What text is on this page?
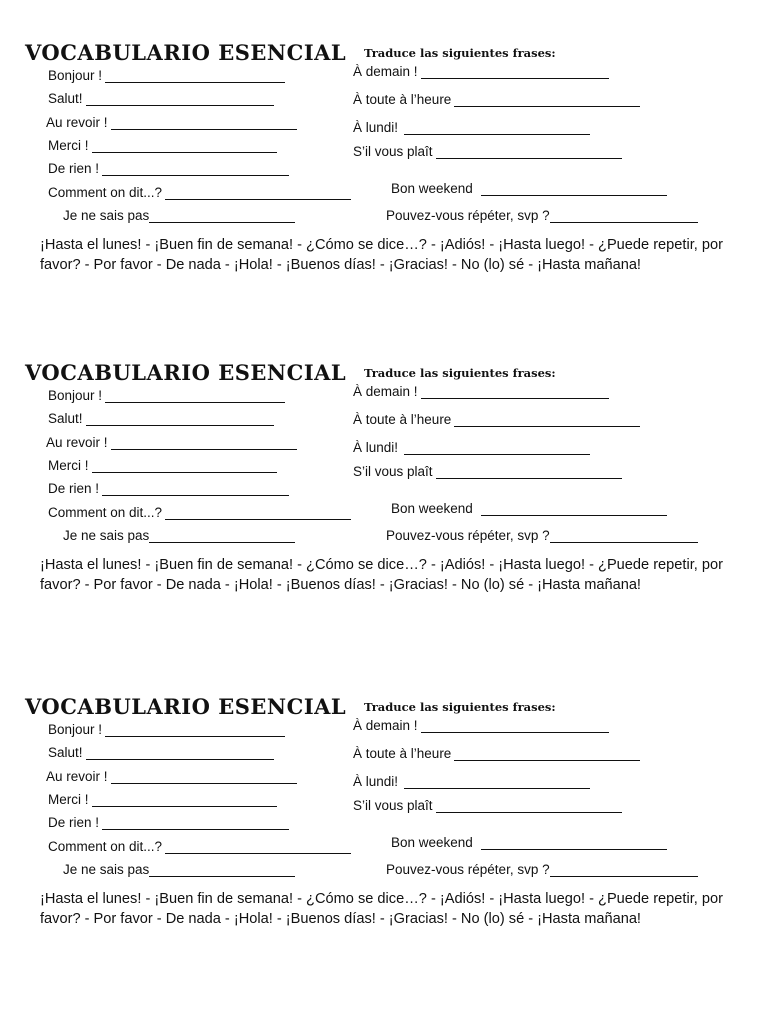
VOCABULARIO ESENCIAL Traduce las siguientes frases:
Bonjour !
Salut!
Au revoir !
Merci !
De rien !
Comment on dit...?
Je ne sais pas
À demain !
À toute à l’heure
À lundi!
S’il vous plaît
Bon weekend
Pouvez-vous répéter, svp ?
¡Hasta el lunes! - ¡Buen fin de semana! - ¿Cómo se dice…? - ¡Adiós! - ¡Hasta luego! - ¿Puede repetir, por favor? - Por favor - De nada - ¡Hola! - ¡Buenos días! - ¡Gracias! - No (lo) sé - ¡Hasta mañana!
VOCABULARIO ESENCIAL Traduce las siguientes frases:
Bonjour !
Salut!
Au revoir !
Merci !
De rien !
Comment on dit...?
Je ne sais pas
À demain !
À toute à l’heure
À lundi!
S’il vous plaît
Bon weekend
Pouvez-vous répéter, svp ?
¡Hasta el lunes! - ¡Buen fin de semana! - ¿Cómo se dice…? - ¡Adiós! - ¡Hasta luego! - ¿Puede repetir, por favor? - Por favor - De nada - ¡Hola! - ¡Buenos días! - ¡Gracias! - No (lo) sé - ¡Hasta mañana!
VOCABULARIO ESENCIAL Traduce las siguientes frases:
Bonjour !
Salut!
Au revoir !
Merci !
De rien !
Comment on dit...?
Je ne sais pas
À demain !
À toute à l’heure
À lundi!
S’il vous plaît
Bon weekend
Pouvez-vous répéter, svp ?
¡Hasta el lunes! - ¡Buen fin de semana! - ¿Cómo se dice…? - ¡Adiós! - ¡Hasta luego! - ¿Puede repetir, por favor? - Por favor - De nada - ¡Hola! - ¡Buenos días! - ¡Gracias! - No (lo) sé - ¡Hasta mañana!
